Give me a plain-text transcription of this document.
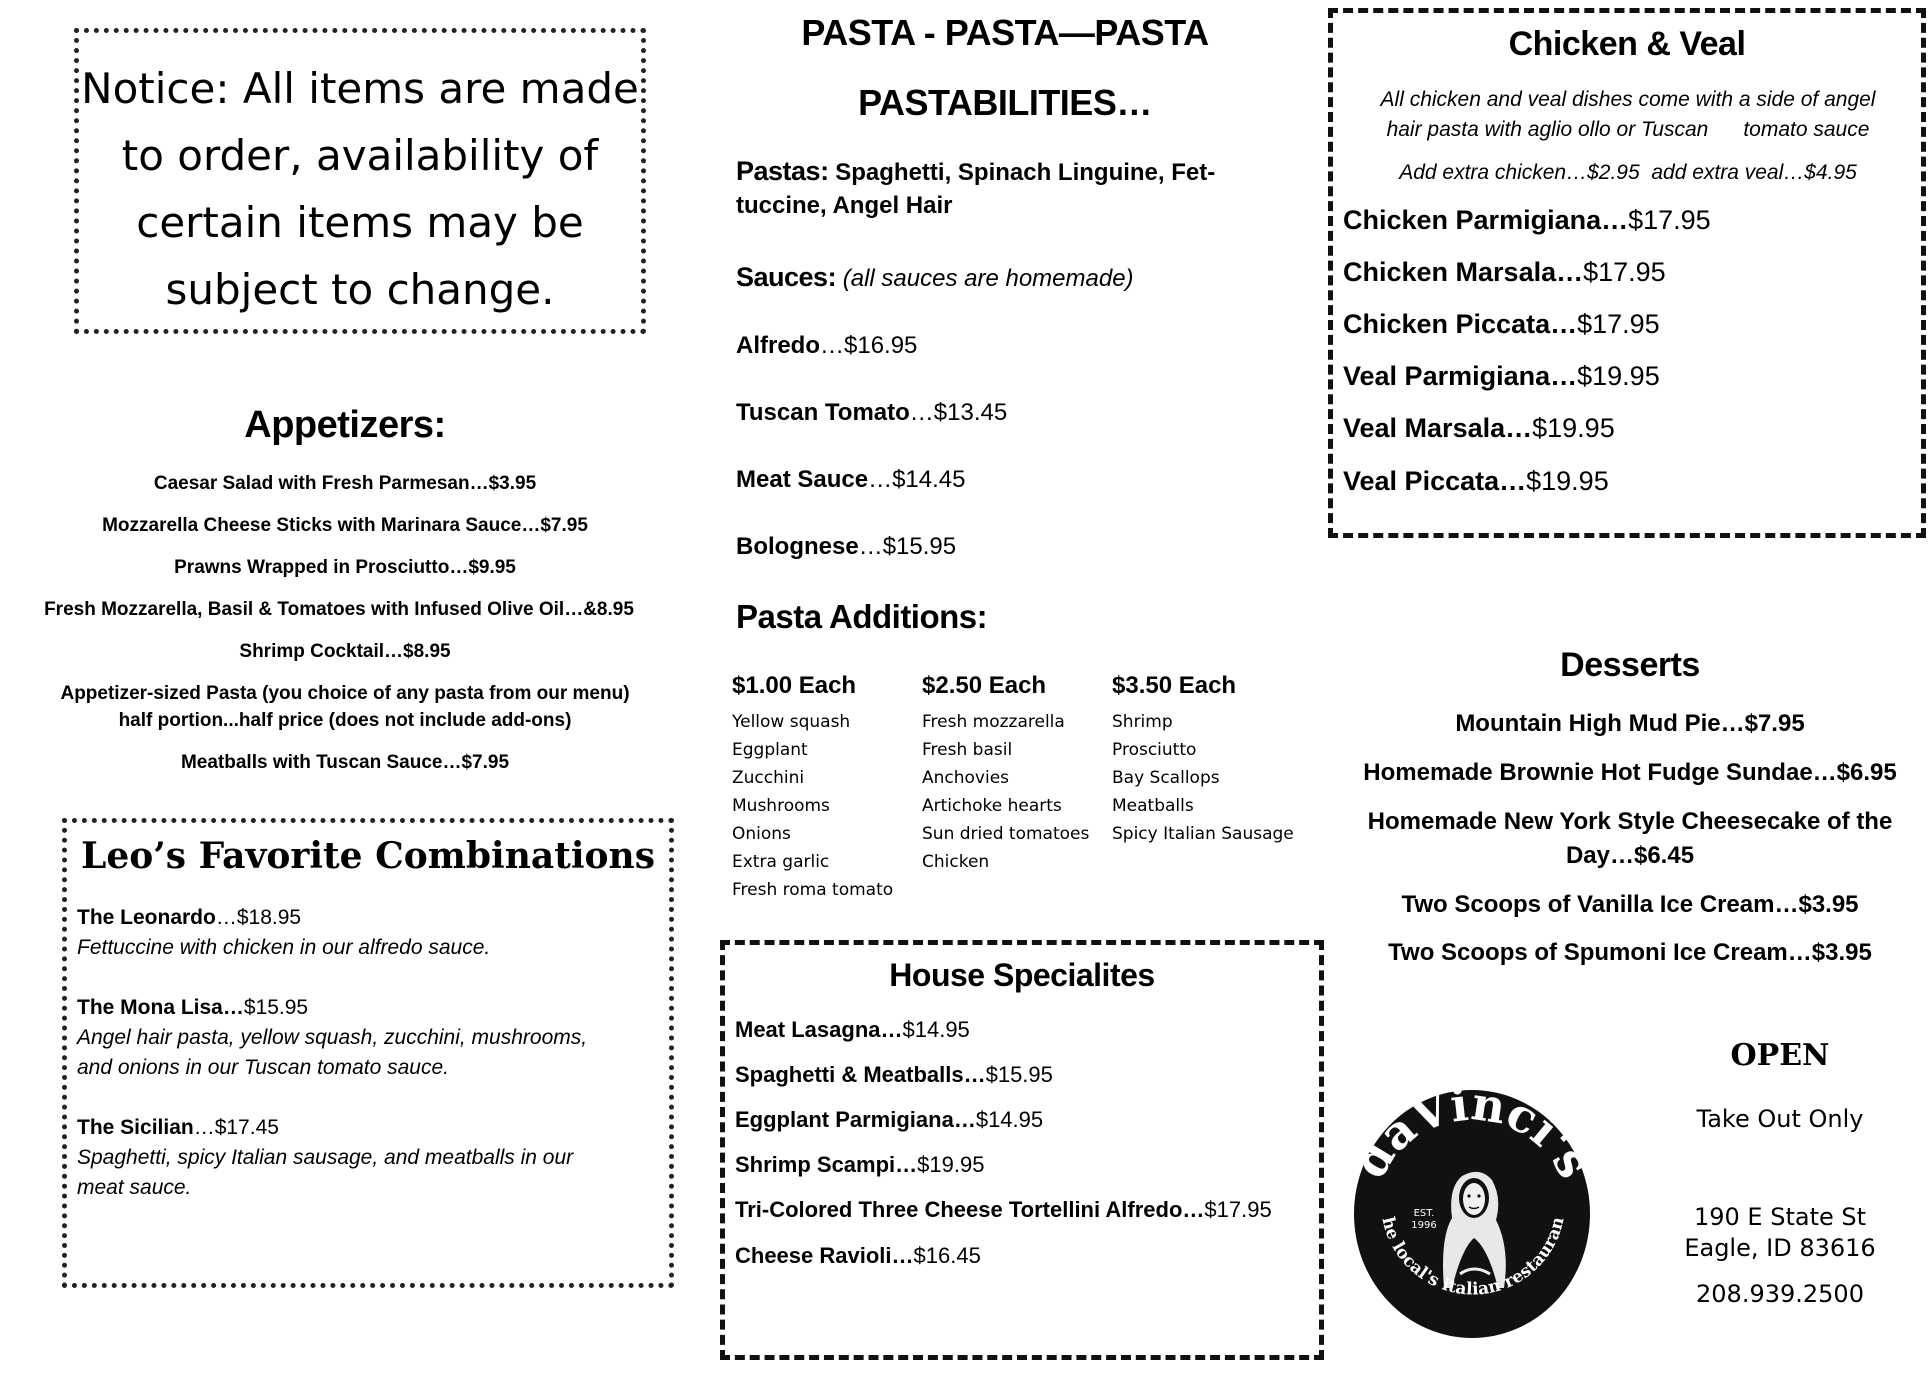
Notice: All items are made to order, availability of certain items may be subject to change.

Appetizers:
Caesar Salad with Fresh Parmesan…$3.95
Mozzarella Cheese Sticks with Marinara Sauce…$7.95
Prawns Wrapped in Prosciutto…$9.95
Fresh Mozzarella, Basil & Tomatoes with Infused Olive Oil…&8.95
Shrimp Cocktail…$8.95
Appetizer-sized Pasta (you choice of any pasta from our menu)
half portion...half price (does not include add-ons)
Meatballs with Tuscan Sauce…$7.95
Leo’s Favorite Combinations
The Leonardo…$18.95
Fettuccine with chicken in our alfredo sauce.
The Mona Lisa…$15.95
Angel hair pasta, yellow squash, zucchini, mushrooms,
and onions in our Tuscan tomato sauce.
The Sicilian…$17.45
Spaghetti, spicy Italian sausage, and meatballs in our
meat sauce.
PASTA - PASTA—PASTA
PASTABILITIES…
Pastas: Spaghetti, Spinach Linguine, Fet-
tuccine, Angel Hair
Sauces: (all sauces are homemade)
Alfredo…$16.95
Tuscan Tomato…$13.45
Meat Sauce…$14.45
Bolognese…$15.95
Pasta Additions:
$1.00 Each
Yellow squash
Eggplant
Zucchini
Mushrooms
Onions
Extra garlic
Fresh roma tomato
$2.50 Each
Fresh mozzarella
Fresh basil
Anchovies
Artichoke hearts
Sun dried tomatoes
Chicken
$3.50 Each
Shrimp
Prosciutto
Bay Scallops
Meatballs
Spicy Italian Sausage
House Specialites
Meat Lasagna…$14.95
Spaghetti & Meatballs…$15.95
Eggplant Parmigiana…$14.95
Shrimp Scampi…$19.95
Tri-Colored Three Cheese Tortellini Alfredo…$17.95
Cheese Ravioli…$16.45
Chicken & Veal
All chicken and veal dishes come with a side of angel
hair pasta with aglio ollo or Tuscan      tomato sauce
Add extra chicken…$2.95  add extra veal…$4.95
Chicken Parmigiana…$17.95
Chicken Marsala…$17.95
Chicken Piccata…$17.95
Veal Parmigiana…$19.95
Veal Marsala…$19.95
Veal Piccata…$19.95
Desserts
Mountain High Mud Pie…$7.95
Homemade Brownie Hot Fudge Sundae…$6.95
Homemade New York Style Cheesecake of the
Day…$6.45
Two Scoops of Vanilla Ice Cream…$3.95
Two Scoops of Spumoni Ice Cream…$3.95
aVinci'
EST.
1996
he local's italian restauran
OPEN
Take Out Only
190 E State St
Eagle, ID 83616
208.939.2500
